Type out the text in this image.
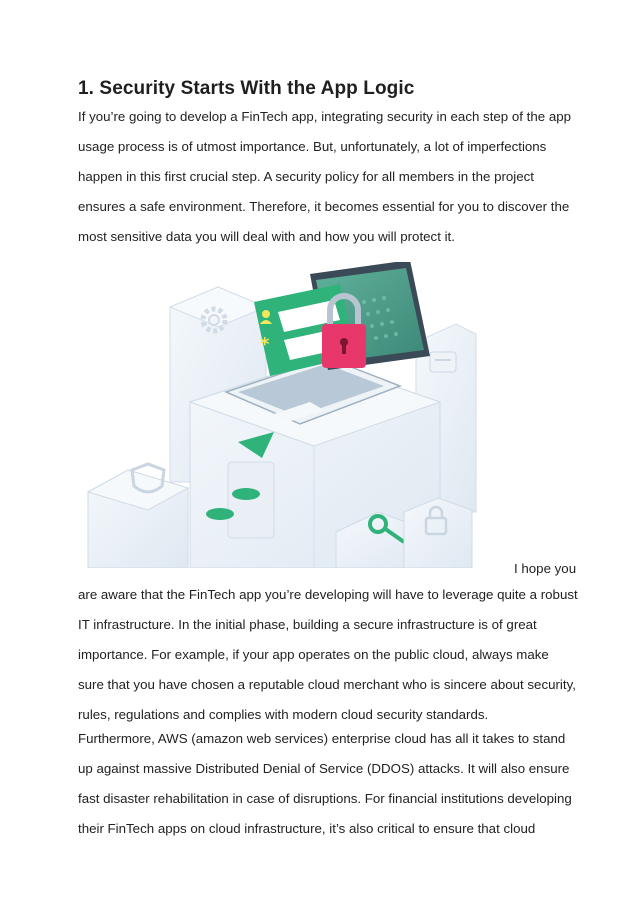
1. Security Starts With the App Logic

If you’re going to develop a FinTech app, integrating security in each step of the app
usage process is of utmost importance. But, unfortunately, a lot of imperfections
happen in this first crucial step. A security policy for all members in the project
ensures a safe environment. Therefore, it becomes essential for you to discover the
most sensitive data you will deal with and how you will protect it.

*
I hope you

are aware that the FinTech app you’re developing will have to leverage quite a robust
IT infrastructure. In the initial phase, building a secure infrastructure is of great
importance. For example, if your app operates on the public cloud, always make
sure that you have chosen a reputable cloud merchant who is sincere about security,
rules, regulations and complies with modern cloud security standards.

Furthermore, AWS (amazon web services) enterprise cloud has all it takes to stand
up against massive Distributed Denial of Service (DDOS) attacks. It will also ensure
fast disaster rehabilitation in case of disruptions. For financial institutions developing
their FinTech apps on cloud infrastructure, it’s also critical to ensure that cloud
